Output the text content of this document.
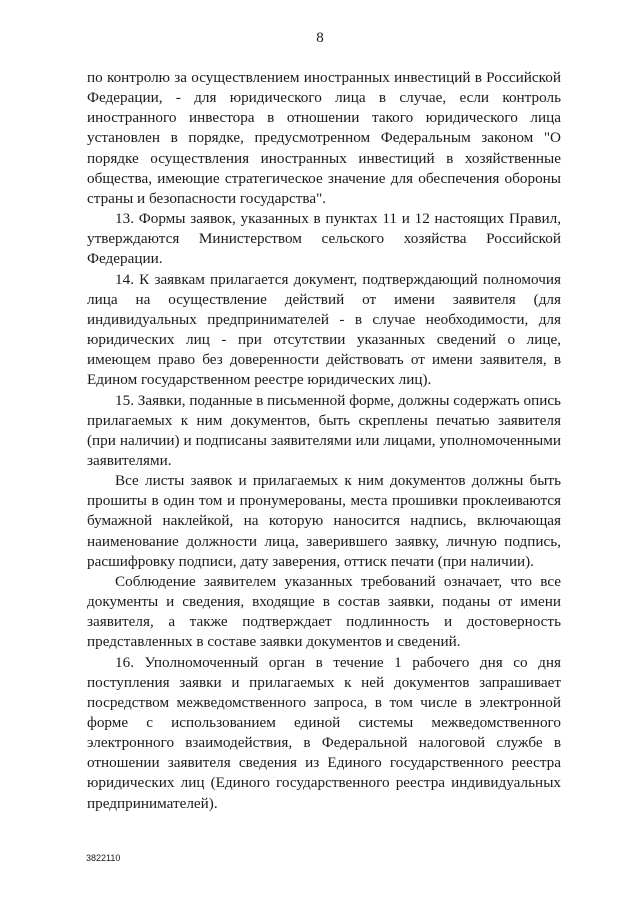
8

по контролю за осуществлением иностранных инвестиций в Российской Федерации, - для юридического лица в случае, если контроль иностранного инвестора в отношении такого юридического лица установлен в порядке, предусмотренном Федеральным законом "О порядке осуществления иностранных инвестиций в хозяйственные общества, имеющие стратегическое значение для обеспечения обороны страны и безопасности государства".

13. Формы заявок, указанных в пунктах 11 и 12 настоящих Правил, утверждаются Министерством сельского хозяйства Российской Федерации.

14. К заявкам прилагается документ, подтверждающий полномочия лица на осуществление действий от имени заявителя (для индивидуальных предпринимателей - в случае необходимости, для юридических лиц - при отсутствии указанных сведений о лице, имеющем право без доверенности действовать от имени заявителя, в Едином государственном реестре юридических лиц).

15. Заявки, поданные в письменной форме, должны содержать опись прилагаемых к ним документов, быть скреплены печатью заявителя (при наличии) и подписаны заявителями или лицами, уполномоченными заявителями.

Все листы заявок и прилагаемых к ним документов должны быть прошиты в один том и пронумерованы, места прошивки проклеиваются бумажной наклейкой, на которую наносится надпись, включающая наименование должности лица, заверившего заявку, личную подпись, расшифровку подписи, дату заверения, оттиск печати (при наличии).

Соблюдение заявителем указанных требований означает, что все документы и сведения, входящие в состав заявки, поданы от имени заявителя, а также подтверждает подлинность и достоверность представленных в составе заявки документов и сведений.

16. Уполномоченный орган в течение 1 рабочего дня со дня поступления заявки и прилагаемых к ней документов запрашивает посредством межведомственного запроса, в том числе в электронной форме с использованием единой системы межведомственного электронного взаимодействия, в Федеральной налоговой службе в отношении заявителя сведения из Единого государственного реестра юридических лиц (Единого государственного реестра индивидуальных предпринимателей).

3822110
